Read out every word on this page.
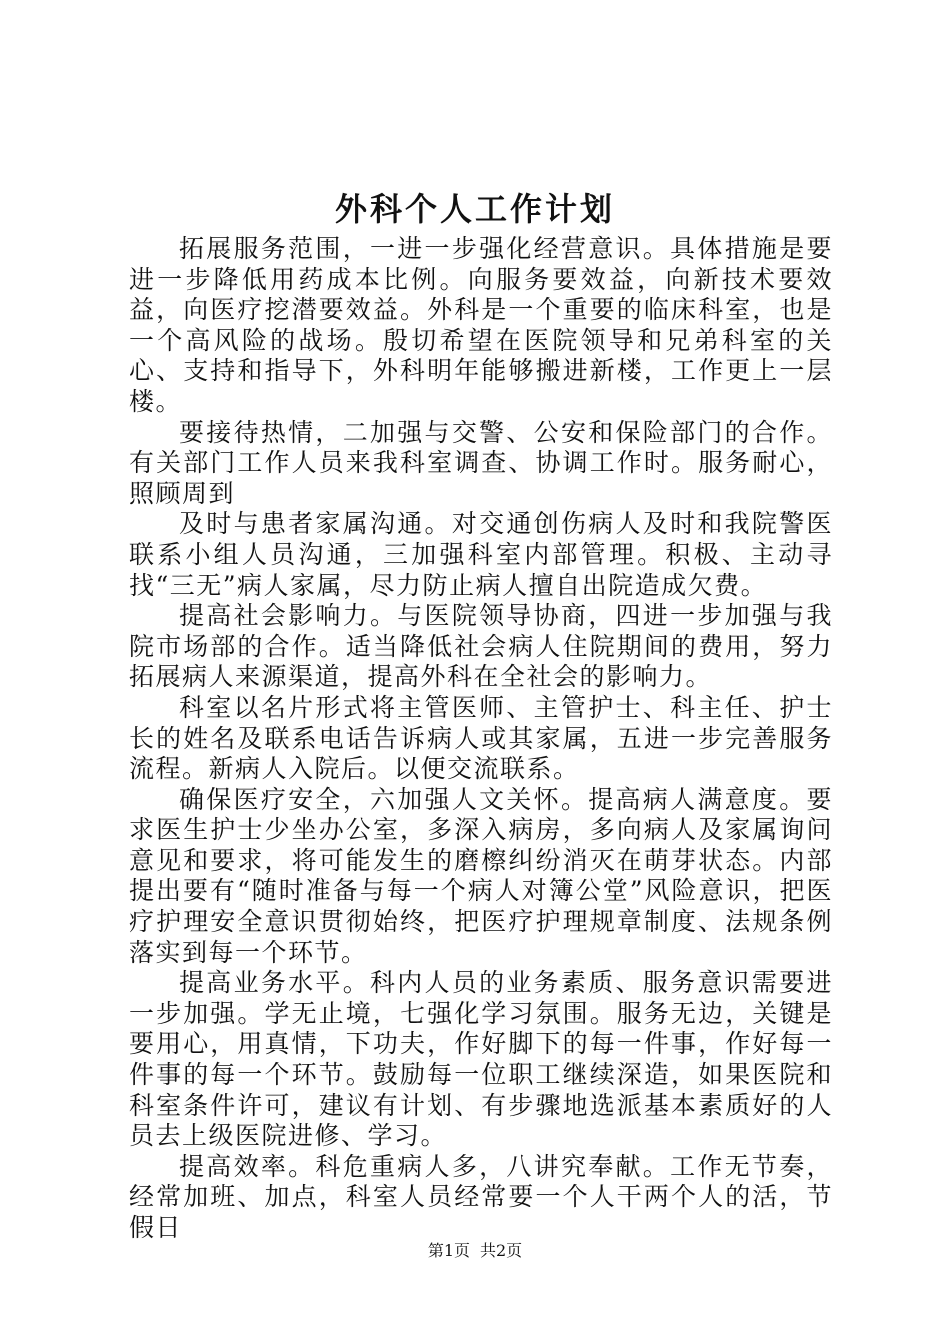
外科个人工作计划

拓展服务范围，一进一步强化经营意识。具体措施是要进一步降低用药成本比例。向服务要效益，向新技术要效益，向医疗挖潜要效益。外科是一个重要的临床科室，也是一个高风险的战场。殷切希望在医院领导和兄弟科室的关心、支持和指导下，外科明年能够搬进新楼，工作更上一层楼。

要接待热情，二加强与交警、公安和保险部门的合作。有关部门工作人员来我科室调查、协调工作时。服务耐心，照顾周到

及时与患者家属沟通。对交通创伤病人及时和我院警医联系小组人员沟通，三加强科室内部管理。积极、主动寻找“三无”病人家属，尽力防止病人擅自出院造成欠费。

提高社会影响力。与医院领导协商，四进一步加强与我院市场部的合作。适当降低社会病人住院期间的费用，努力拓展病人来源渠道，提高外科在全社会的影响力。

科室以名片形式将主管医师、主管护士、科主任、护士长的姓名及联系电话告诉病人或其家属，五进一步完善服务流程。新病人入院后。以便交流联系。

确保医疗安全，六加强人文关怀。提高病人满意度。要求医生护士少坐办公室，多深入病房，多向病人及家属询问意见和要求，将可能发生的磨檫纠纷消灭在萌芽状态。内部提出要有“随时准备与每一个病人对簿公堂”风险意识，把医疗护理安全意识贯彻始终，把医疗护理规章制度、法规条例落实到每一个环节。

提高业务水平。科内人员的业务素质、服务意识需要进一步加强。学无止境，七强化学习氛围。服务无边，关键是要用心，用真情，下功夫，作好脚下的每一件事，作好每一件事的每一个环节。鼓励每一位职工继续深造，如果医院和科室条件许可，建议有计划、有步骤地选派基本素质好的人员去上级医院进修、学习。

提高效率。科危重病人多，八讲究奉献。工作无节奏，经常加班、加点，科室人员经常要一个人干两个人的活，节假日

第1页 共2页
